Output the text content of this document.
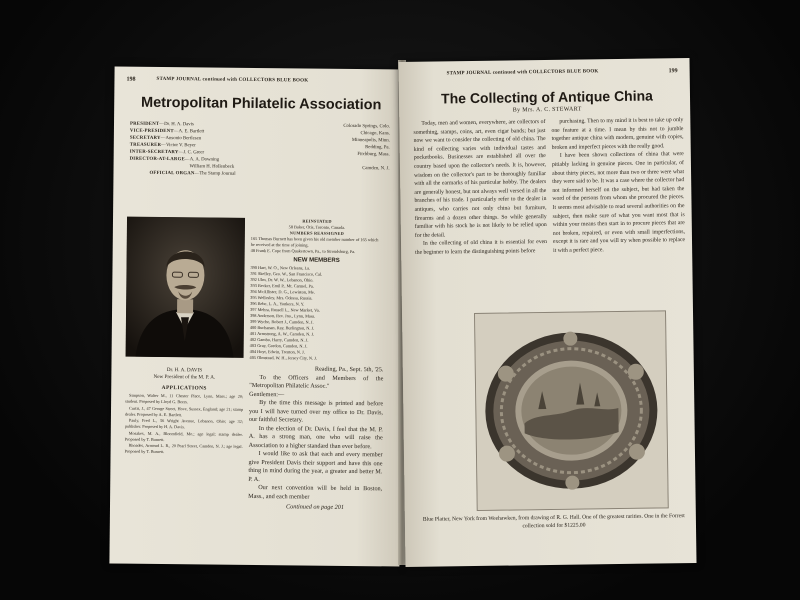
198	STAMP JOURNAL continued with COLLECTORS BLUE BOOK
Metropolitan Philatelic Association
PRESIDENT — Dr. H. A. Davis	Colorado Springs, Colo.
VICE-PRESIDENT — A. E. Bartlett	Chicago, Kans.
SECRETARY — Ansonio Bertlesen	Minneapolis, Minn.
TREASURER — Victor V. Beyer	Redding, Pa.
INTER-SECRETARY — J. C. Greer	Fitchburg, Mass.
DIRECTOR-AT-LARGE — A. A. Downing
William H. Hollenbeck	Camden, N. J.
OFFICIAL ORGAN — The Stamp Journal
Dr. H. A. DAVIS
New President of the M. P. A.
APPLICATIONS

Simpson, Walter M., 11 Chester Place, Lynn, Mass.; age 20; student. Proposed by Lloyd G. Beers.

Curtis, J., 47 George Street, Hove, Sussex, England; age 21; stamp dealer. Proposed by A. E. Bartlett.

Pauly, Fred L., 56 Wright Avenue, Lebanon, Ohio; age 32; publisher. Proposed by H. A. Davis.

Mosakes, M. A., Bloomfield, Mo.; age legal; stamp dealer. Proposed by T. Burnett.

Rhoades, Armond L. R., 20 Pearl Street, Camden, N. J.; age legal. Proposed by T. Burnett.

REINSTATED

58 Baker, Otis, Toronto, Canada.

NUMBERS REASSIGNED

165 Thomas Burnett has been given his old member number of 165 which he received at the time of joining.

48 Frank E. Cope from Quakertown, Pa., to Stroudsburg, Pa.

NEW MEMBERS

390 Hart, W. O., New Orleans, La.

391 Skelley, Geo. W., San Francisco, Cal.

392 Ulm, Dr. W. W., Lebanon, Ohio.

393 Becker, Emil P., Mt. Carmel, Pa.

394 McAllister, D. G., Lewiston, Me.

395 Wellesley, Mrs. Odessa, Russia.

396 Bebe, L. A., Yonkers, N. Y.

397 Mehra, Russell L., New Market, Va.

398 Anderson, Rev. Jno., Lynn, Mass.

399 Wyche, Robert J., Camden, N. J.

400 Buchanan, Ray, Burlington, N. J.

401 Armstrong, A. W., Camden, N. J.

402 Gambo, Harry, Camden, N. J.

403 Gray, Gordon, Camden, N. J.

404 Hoyt, Edwin, Trenton, N. J.

405 Olmstead, W. H., Jersey City, N. J.

Reading, Pa., Sept. 5th, '25.

To the Officers and Members of the "Metropolitan Philatelic Assoc."

Gentlemen:—

By the time this message is printed and before you I will have turned over my office to Dr. Davis, our faithful Secretary.

In the election of Dr. Davis, I feel that the M. P. A. has a strong man, one who will raise the Association to a higher standard than ever before.

I would like to ask that each and every member give President Davis their support and have this one thing in mind during the year, a greater and better M. P. A.

Our next convention will be held in Boston, Mass., and each member

Continued on page 201

STAMP JOURNAL continued with COLLECTORS BLUE BOOK	199
The Collecting of Antique China
By Mrs. A. C. STEWART

Today, men and women, everywhere, are collectors of something, stamps, coins, art, even cigar bands; but just now we want to consider the collecting of old china. The kind of collecting varies with individual tastes and pocketbooks. Businesses are established all over the country based upon the collector's needs. It is, however, wisdom on the collector's part to be thoroughly familiar with all the earmarks of his particular hobby. The dealers are generally honest, but not always well versed in all the branches of his trade. I particularly refer to the dealer in antiques, who carries not only china but furniture, firearms and a dozen other things. So while generally familiar with his stock he is not likely to be relied upon for the detail.

In the collecting of old china it is essential for even the beginner to learn the distinguishing points before

purchasing. Then to my mind it is best to take up only one feature at a time. I mean by this not to jumble together antique china with modern, genuine with copies, broken and imperfect pieces with the really good.

I have been shown collections of china that were pitiably lacking in genuine pieces. One in particular, of about thirty pieces, not more than two or three were what they were said to be. It was a case where the collector had not informed herself on the subject, but had taken the word of the persons from whom she procured the pieces. It seems most advisable to read several authorities on the subject, then make sure of what you want most that is within your means then start in to procure pieces that are not broken, repaired, or even with small imperfections, except it is rare and you will try when possible to replace it with a perfect piece.

Blue Platter, New York from Weehawken, from drawing of R. G. Hall. One of the greatest rarities. One in the Forrest collection sold for $1225.00
